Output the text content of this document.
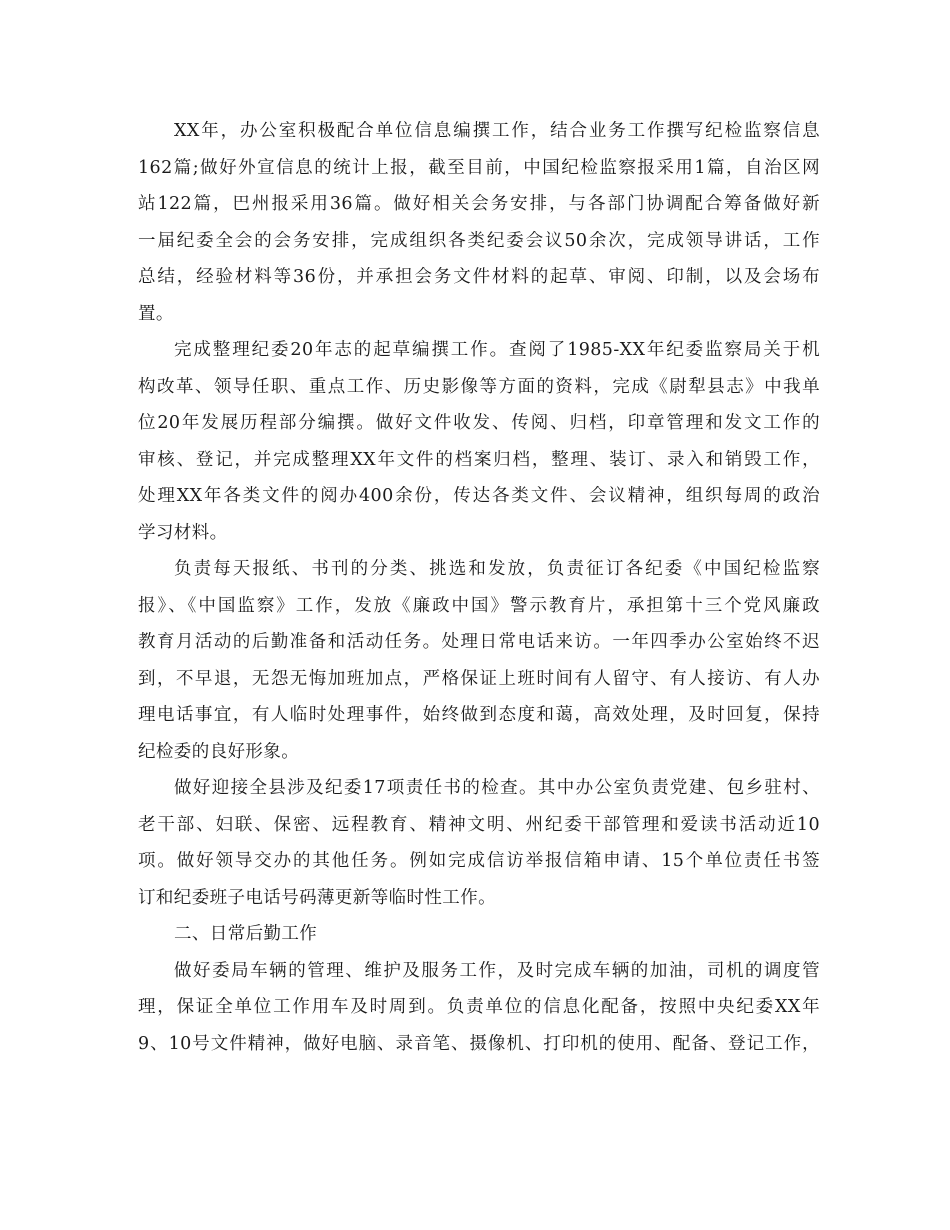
XX年，办公室积极配合单位信息编撰工作，结合业务工作撰写纪检监察信息
162篇;做好外宣信息的统计上报，截至目前，中国纪检监察报采用1篇，自治区网
站122篇，巴州报采用36篇。做好相关会务安排，与各部门协调配合筹备做好新
一届纪委全会的会务安排，完成组织各类纪委会议50余次，完成领导讲话，工作
总结，经验材料等36份，并承担会务文件材料的起草、审阅、印制，以及会场布
置。
完成整理纪委20年志的起草编撰工作。查阅了1985-XX年纪委监察局关于机
构改革、领导任职、重点工作、历史影像等方面的资料，完成《尉犁县志》中我单
位20年发展历程部分编撰。做好文件收发、传阅、归档，印章管理和发文工作的
审核、登记，并完成整理XX年文件的档案归档，整理、装订、录入和销毁工作，
处理XX年各类文件的阅办400余份，传达各类文件、会议精神，组织每周的政治
学习材料。
负责每天报纸、书刊的分类、挑选和发放，负责征订各纪委《中国纪检监察
报》、《中国监察》工作，发放《廉政中国》警示教育片，承担第十三个党风廉政
教育月活动的后勤准备和活动任务。处理日常电话来访。一年四季办公室始终不迟
到，不早退，无怨无悔加班加点，严格保证上班时间有人留守、有人接访、有人办
理电话事宜，有人临时处理事件，始终做到态度和蔼，高效处理，及时回复，保持
纪检委的良好形象。
做好迎接全县涉及纪委17项责任书的检查。其中办公室负责党建、包乡驻村、
老干部、妇联、保密、远程教育、精神文明、州纪委干部管理和爱读书活动近10
项。做好领导交办的其他任务。例如完成信访举报信箱申请、15个单位责任书签
订和纪委班子电话号码薄更新等临时性工作。
二、日常后勤工作
做好委局车辆的管理、维护及服务工作，及时完成车辆的加油，司机的调度管
理，保证全单位工作用车及时周到。负责单位的信息化配备，按照中央纪委XX年
9、10号文件精神，做好电脑、录音笔、摄像机、打印机的使用、配备、登记工作，
